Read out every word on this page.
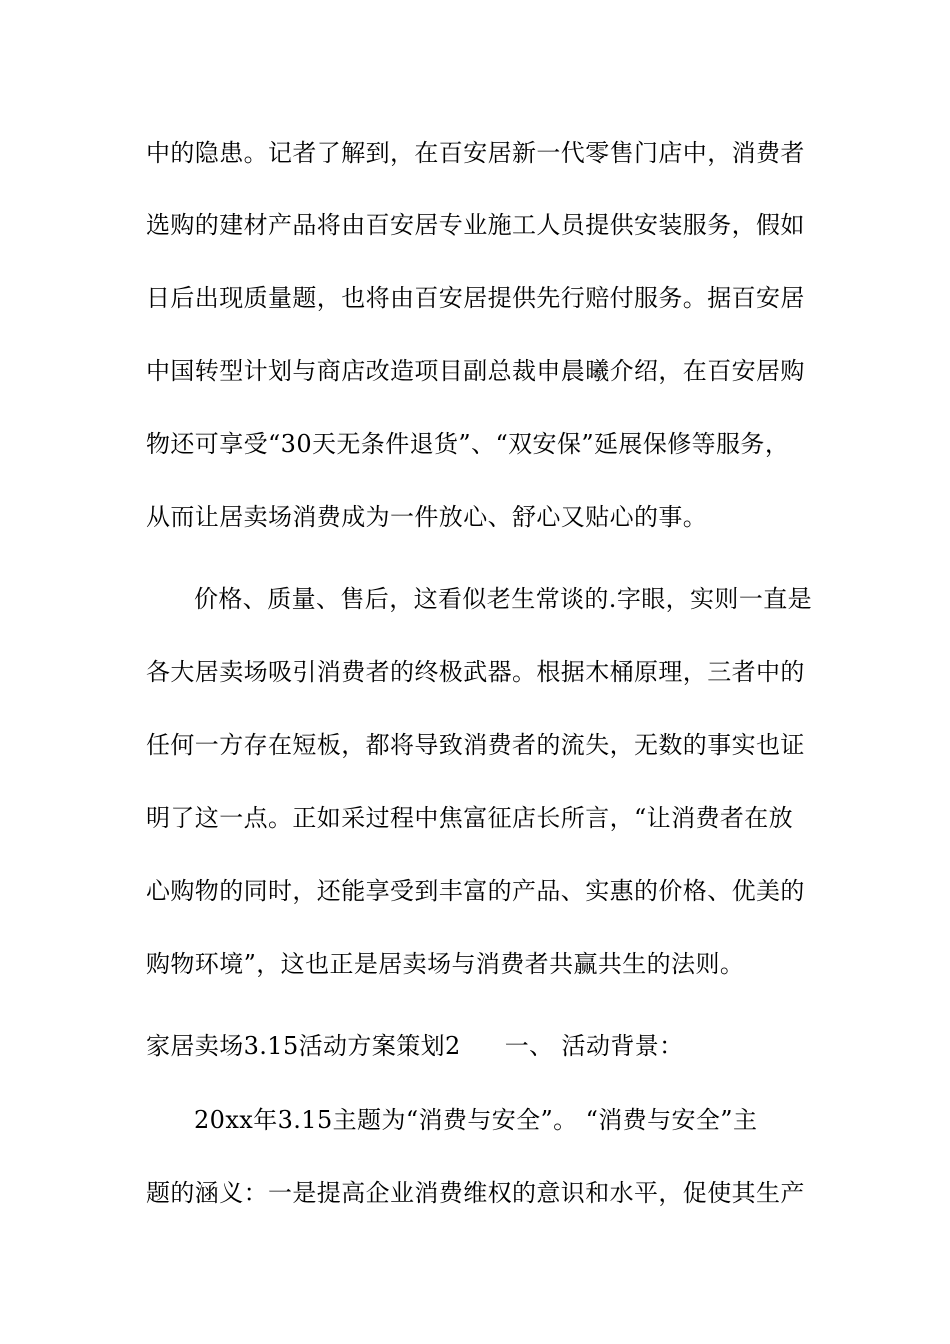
中的隐患。记者了解到，在百安居新一代零售门店中，消费者
选购的建材产品将由百安居专业施工人员提供安装服务，假如
日后出现质量题，也将由百安居提供先行赔付服务。据百安居
中国转型计划与商店改造项目副总裁申晨曦介绍，在百安居购
物还可享受“30天无条件退货”、“双安保”延展保修等服务，
从而让居卖场消费成为一件放心、舒心又贴心的事。
价格、质量、售后，这看似老生常谈的.字眼，实则一直是
各大居卖场吸引消费者的终极武器。根据木桶原理，三者中的
任何一方存在短板，都将导致消费者的流失，无数的事实也证
明了这一点。正如采过程中焦富征店长所言，“让消费者在放
心购物的同时，还能享受到丰富的产品、实惠的价格、优美的
购物环境”，这也正是居卖场与消费者共赢共生的法则。
家居卖场3.15活动方案策划2 一、 活动背景：
20xx年3.15主题为“消费与安全”。 “消费与安全”主
题的涵义：一是提高企业消费维权的意识和水平，促使其生产
